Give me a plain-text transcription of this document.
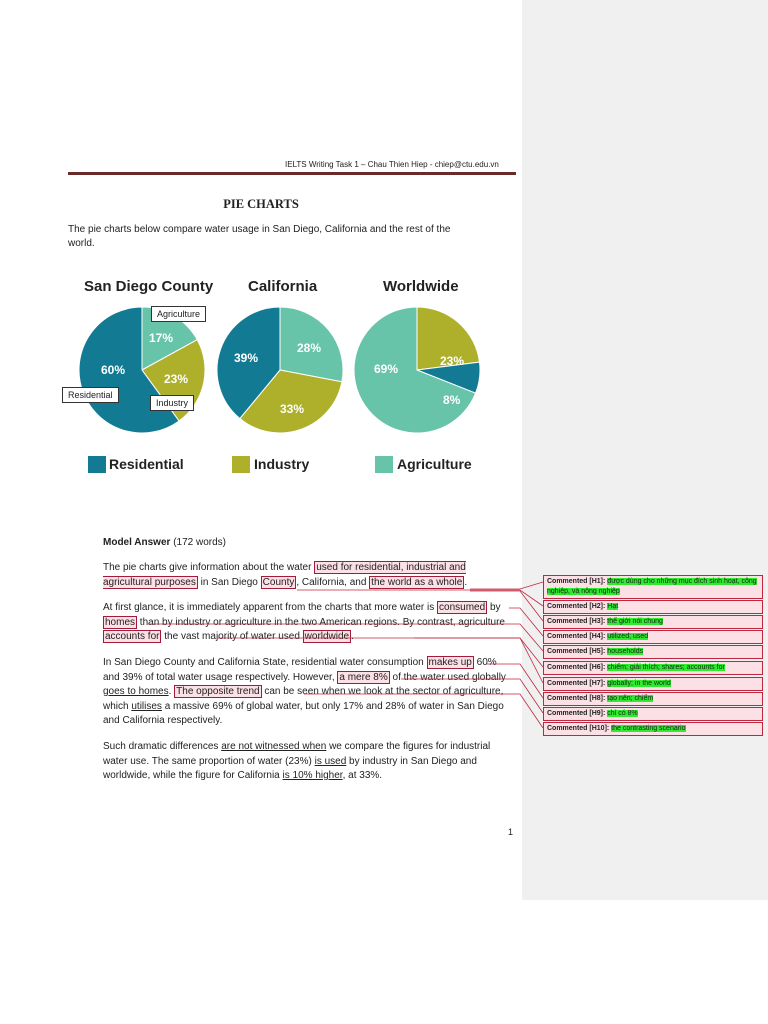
IELTS Writing Task 1 – Chau Thien Hiep - chiep@ctu.edu.vn
PIE CHARTS
The pie charts below compare water usage in San Diego, California and the rest of the world.
San Diego County California	Worldwide
17%
23%
60%
28%
33%
39%	23%
8%
69%
Agriculture
Residential
Industry
Residential	Industry	Agriculture
Model Answer (172 words)
The pie charts give information about the water used for residential, industrial and agricultural purposes in San Diego County , California, and the world as a whole .
At first glance, it is immediately apparent from the charts that more water is consumed by homes than by industry or agriculture in the two American regions. By contrast, agriculture accounts for the vast majority of water used worldwide .
In San Diego County and California State, residential water consumption makes up 60% and 39% of total water usage respectively. However, a mere 8% of the water used globally goes to homes. The opposite trend can be seen when we look at the sector of agriculture, which utilises a massive 69% of global water, but only 17% and 28% of water in San Diego and California respectively.
Such dramatic differences are not witnessed when we compare the figures for industrial water use. The same proportion of water (23%) is used by industry in San Diego and worldwide, while the figure for California is 10% higher, at 33%.
1
Commented [H1]: được dùng cho những mục đích sinh hoạt, công nghiệp, và nông nghiệp
Commented [H2]: Hạt
Commented [H3]: thế giới nói chung
Commented [H4]: utilized; used
Commented [H5]: households
Commented [H6]: chiếm; giải thích; shares; accounts for
Commented [H7]: globally; in the world
Commented [H8]: tạo nên; chiếm
Commented [H9]: chỉ có 8%
Commented [H10]: the contrasting scenario
